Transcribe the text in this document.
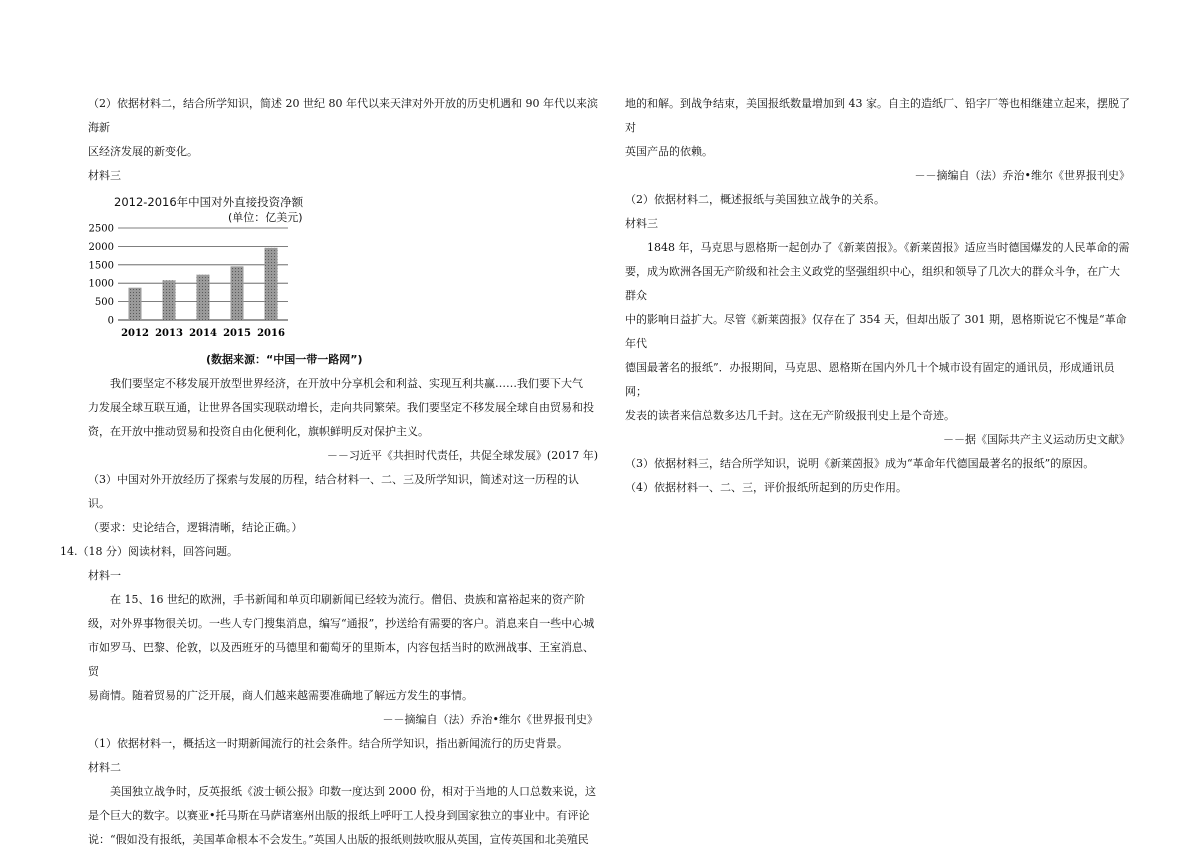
（2）依据材料二，结合所学知识，简述 20 世纪 80 年代以来天津对外开放的历史机遇和 90 年代以来滨海新

区经济发展的新变化。

材料三

0
500
1000
1500
2000
2500
2012 2013 2014 2015 2016
2012-2016年中国对外直接投资净额
(单位：亿美元)
(数据来源：“中国一带一路网”)

我们要坚定不移发展开放型世界经济，在开放中分享机会和利益、实现互利共赢……我们要下大气

力发展全球互联互通，让世界各国实现联动增长，走向共同繁荣。我们要坚定不移发展全球自由贸易和投

资，在开放中推动贸易和投资自由化便利化，旗帜鲜明反对保护主义。

－－习近平《共担时代责任，共促全球发展》(2017 年)

（3）中国对外开放经历了探索与发展的历程，结合材料一、二、三及所学知识，简述对这一历程的认识。

（要求：史论结合，逻辑清晰，结论正确。）

14.（18 分）阅读材料，回答问题。

材料一

在 15、16 世纪的欧洲，手书新闻和单页印刷新闻已经较为流行。僧侣、贵族和富裕起来的资产阶

级，对外界事物很关切。一些人专门搜集消息，编写“通报”，抄送给有需要的客户。消息来自一些中心城

市如罗马、巴黎、伦敦，以及西班牙的马德里和葡萄牙的里斯本，内容包括当时的欧洲战事、王室消息、贸

易商情。随着贸易的广泛开展，商人们越来越需要准确地了解远方发生的事情。

－－摘编自（法）乔治•维尔《世界报刊史》

（1）依据材料一，概括这一时期新闻流行的社会条件。结合所学知识，指出新闻流行的历史背景。

材料二

美国独立战争时，反英报纸《波士顿公报》印数一度达到 2000 份，相对于当地的人口总数来说，这

是个巨大的数字。以赛亚•托马斯在马萨诸塞州出版的报纸上呼吁工人投身到国家独立的事业中。有评论

说：“假如没有报纸，美国革命根本不会发生。”英国人出版的报纸则鼓吹服从英国，宣传英国和北美殖民

地的和解。到战争结束，美国报纸数量增加到 43 家。自主的造纸厂、铅字厂等也相继建立起来，摆脱了对

英国产品的依赖。

－－摘编自（法）乔治•维尔《世界报刊史》

（2）依据材料二，概述报纸与美国独立战争的关系。

材料三

1848 年，马克思与恩格斯一起创办了《新莱茵报》。《新莱茵报》适应当时德国爆发的人民革命的需

要，成为欧洲各国无产阶级和社会主义政党的坚强组织中心，组织和领导了几次大的群众斗争，在广大群众

中的影响日益扩大。尽管《新莱茵报》仅存在了 354 天，但却出版了 301 期，恩格斯说它不愧是“革命年代

德国最著名的报纸”．办报期间，马克思、恩格斯在国内外几十个城市设有固定的通讯员，形成通讯员网；

发表的读者来信总数多达几千封。这在无产阶级报刊史上是个奇迹。

－－据《国际共产主义运动历史文献》

（3）依据材料三，结合所学知识，说明《新莱茵报》成为“革命年代德国最著名的报纸”的原因。

（4）依据材料一、二、三，评价报纸所起到的历史作用。
